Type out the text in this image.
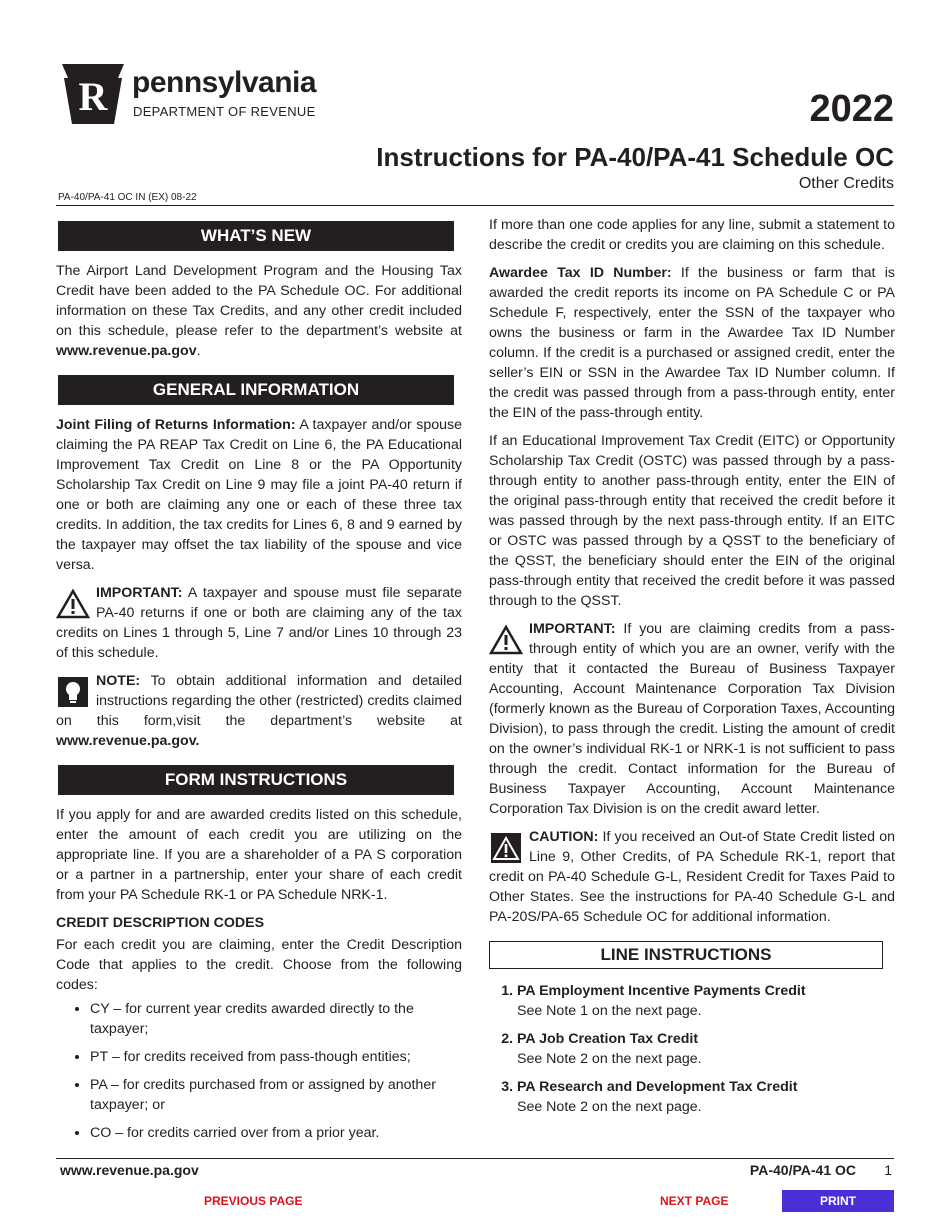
R pennsylvania
DEPARTMENT OF REVENUE	2022
Instructions for PA-40/PA-41 Schedule OC
Other Credits
PA-40/PA-41 OC IN (EX) 08-22
WHAT’S NEW

The Airport Land Development Program and the Housing Tax Credit have been added to the PA Schedule OC. For additional information on these Tax Credits, and any other credit included on this schedule, please refer to the department’s website at www.revenue.pa.gov.

GENERAL INFORMATION

Joint Filing of Returns Information: A taxpayer and/or spouse claiming the PA REAP Tax Credit on Line 6, the PA Educational Improvement Tax Credit on Line 8 or the PA Opportunity Scholarship Tax Credit on Line 9 may file a joint PA-40 return if one or both are claiming any one or each of these three tax credits. In addition, the tax credits for Lines 6, 8 and 9 earned by the taxpayer may offset the tax liability of the spouse and vice versa.

IMPORTANT: A taxpayer and spouse must file separate PA-40 returns if one or both are claiming any of the tax credits on Lines 1 through 5, Line 7 and/or Lines 10 through 23 of this schedule.

NOTE: To obtain additional information and detailed instructions regarding the other (restricted) credits claimed on this form,visit the department’s website at www.revenue.pa.gov.

FORM INSTRUCTIONS

If you apply for and are awarded credits listed on this schedule, enter the amount of each credit you are utilizing on the appropriate line. If you are a shareholder of a PA S corporation or a partner in a partnership, enter your share of each credit from your PA Schedule RK-1 or PA Schedule NRK-1.

CREDIT DESCRIPTION CODES

For each credit you are claiming, enter the Credit Description Code that applies to the credit. Choose from the following codes:

• CY – for current year credits awarded directly to the taxpayer;
• PT – for credits received from pass-though entities;
• PA – for credits purchased from or assigned by another taxpayer; or
• CO – for credits carried over from a prior year.

If more than one code applies for any line, submit a statement to describe the credit or credits you are claiming on this schedule.

Awardee Tax ID Number: If the business or farm that is awarded the credit reports its income on PA Schedule C or PA Schedule F, respectively, enter the SSN of the taxpayer who owns the business or farm in the Awardee Tax ID Number column. If the credit is a purchased or assigned credit, enter the seller’s EIN or SSN in the Awardee Tax ID Number column. If the credit was passed through from a pass-through entity, enter the EIN of the pass-through entity.

If an Educational Improvement Tax Credit (EITC) or Opportunity Scholarship Tax Credit (OSTC) was passed through by a pass-through entity to another pass-through entity, enter the EIN of the original pass-through entity that received the credit before it was passed through by the next pass-through entity. If an EITC or OSTC was passed through by a QSST to the beneficiary of the QSST, the beneficiary should enter the EIN of the original pass-through entity that received the credit before it was passed through to the QSST.

IMPORTANT: If you are claiming credits from a pass-through entity of which you are an owner, verify with the entity that it contacted the Bureau of Business Taxpayer Accounting, Account Maintenance Corporation Tax Division (formerly known as the Bureau of Corporation Taxes, Accounting Division), to pass through the credit. Listing the amount of credit on the owner’s individual RK-1 or NRK-1 is not sufficient to pass through the credit. Contact information for the Bureau of Business Taxpayer Accounting, Account Maintenance Corporation Tax Division is on the credit award letter.

CAUTION: If you received an Out-of State Credit listed on Line 9, Other Credits, of PA Schedule RK-1, report that credit on PA-40 Schedule G-L, Resident Credit for Taxes Paid to Other States. See the instructions for PA-40 Schedule G-L and PA-20S/PA-65 Schedule OC for additional information.

LINE INSTRUCTIONS
1. PA Employment Incentive Payments Credit
See Note 1 on the next page.
2. PA Job Creation Tax Credit
See Note 2 on the next page.
3. PA Research and Development Tax Credit
See Note 2 on the next page.
www.revenue.pa.gov	PA-40/PA-41 OC 1
PREVIOUS PAGE	NEXT PAGE	PRINT
